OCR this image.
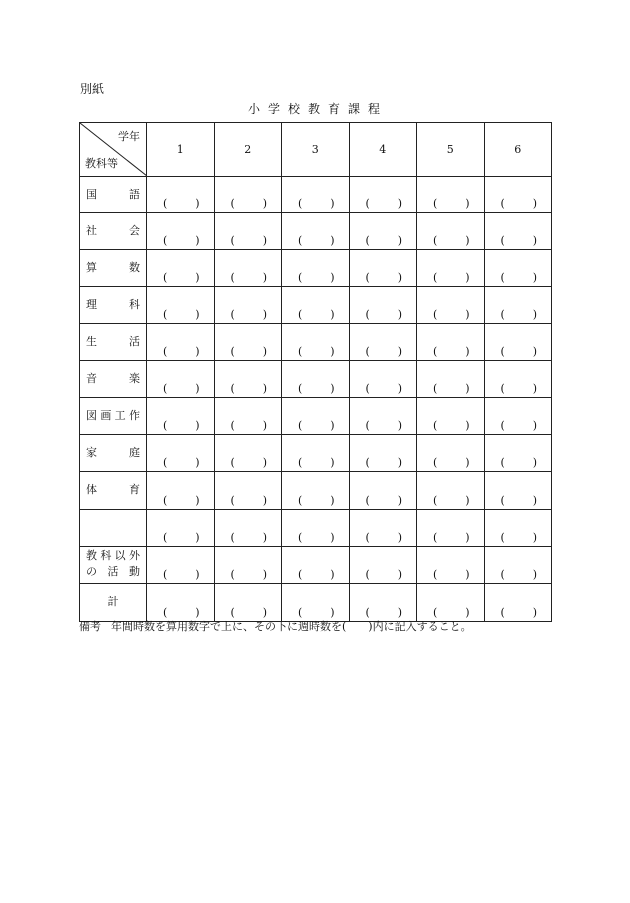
別紙
小学校教育課程
学年
教科等	1	2	3	4	5	6

国 語	( )	( )	( )	( )	( )	( )

社 会	( )	( )	( )	( )	( )	( )

算 数	( )	( )	( )	( )	( )	( )

理 科	( )	( )	( )	( )	( )	( )

生 活	( )	( )	( )	( )	( )	( )

音 楽	( )	( )	( )	( )	( )	( )

図画工作	( )	( )	( )	( )	( )	( )

家 庭	( )	( )	( )	( )	( )	( )

体 育	( )	( )	( )	( )	( )	( )

	( )	( )	( )	( )	( )	( )

教科以外
の活動	( )	( )	( )	( )	( )	( )

計	( )	( )	( )	( )	( )	( )
備考 年間時数を算用数字で上に、その下に週時数を(　　)内に記入すること。
